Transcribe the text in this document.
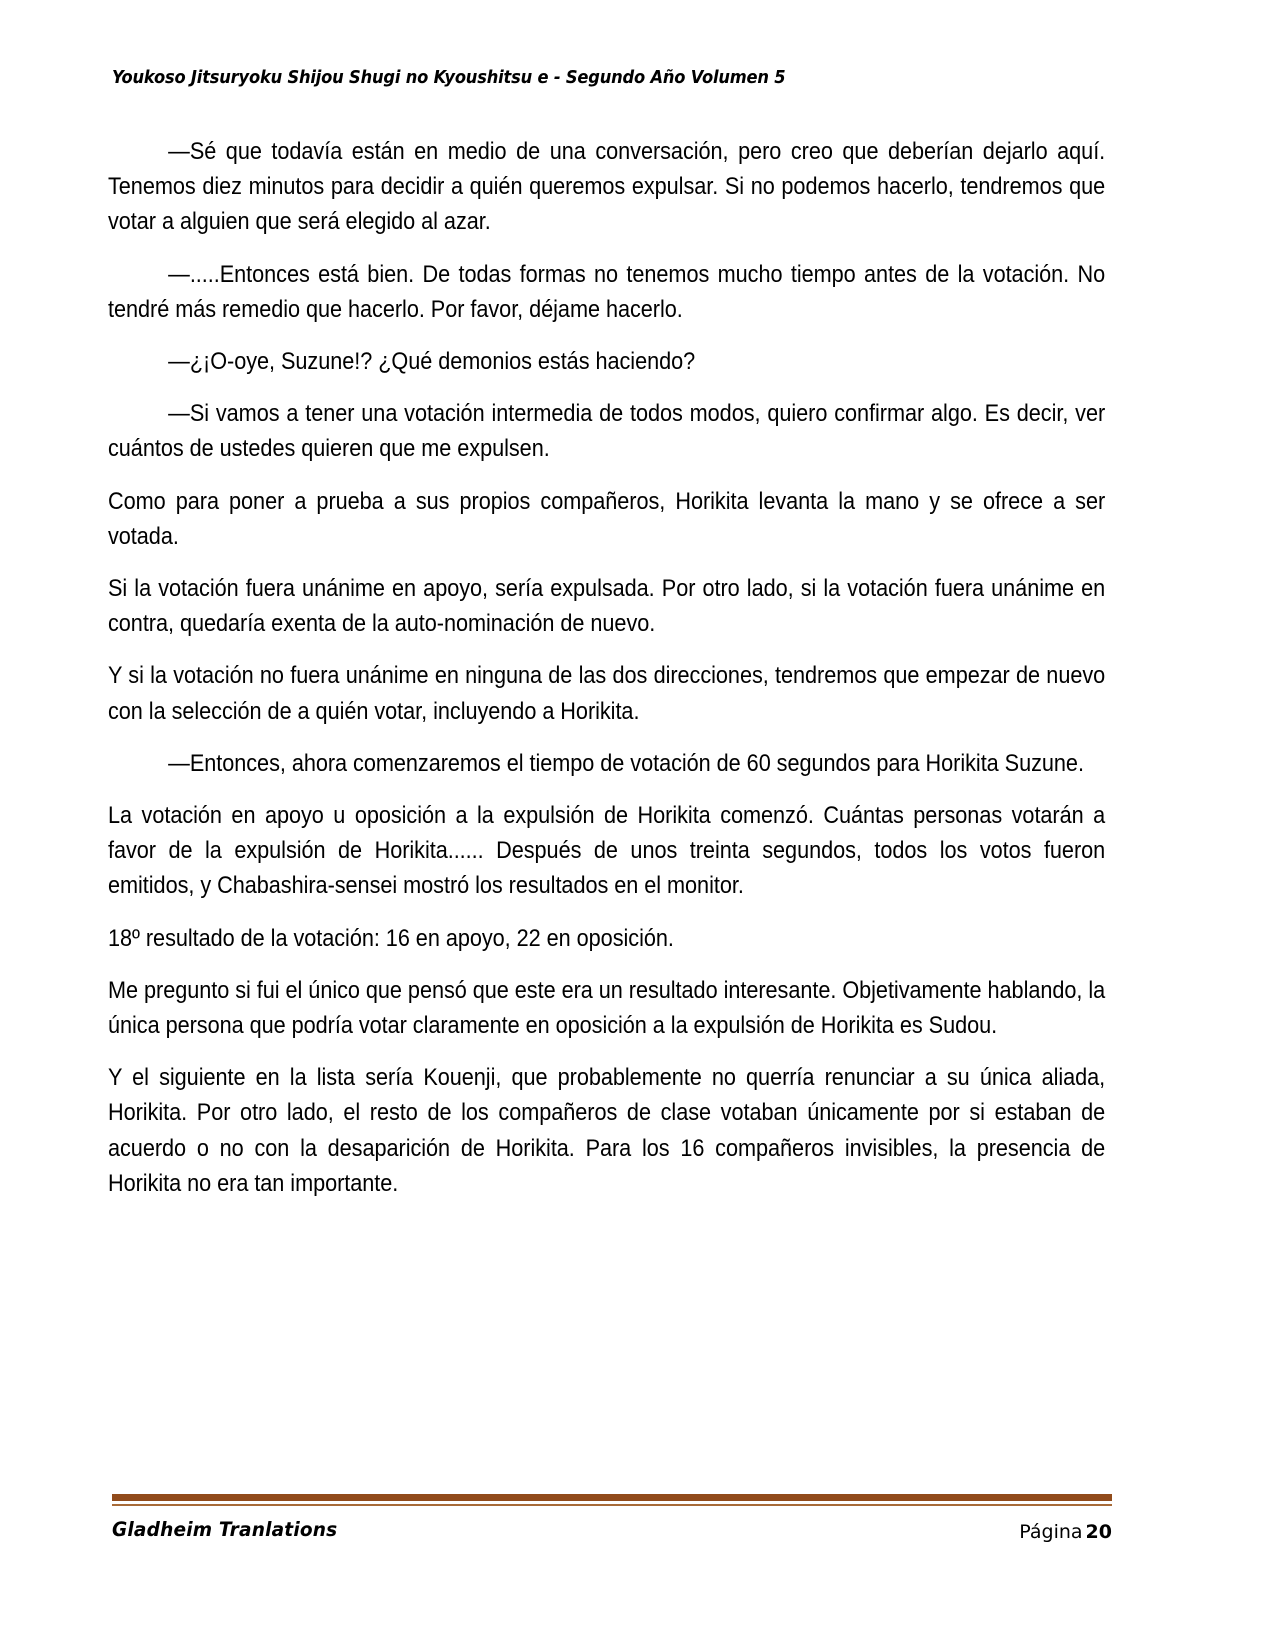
Youkoso Jitsuryoku Shijou Shugi no Kyoushitsu e - Segundo Año Volumen 5

—Sé que todavía están en medio de una conversación, pero creo que deberían dejarlo aquí. Tenemos diez minutos para decidir a quién queremos expulsar. Si no podemos hacerlo, tendremos que votar a alguien que será elegido al azar.

—.....Entonces está bien. De todas formas no tenemos mucho tiempo antes de la votación. No tendré más remedio que hacerlo. Por favor, déjame hacerlo.

—¿¡O-oye, Suzune!? ¿Qué demonios estás haciendo?

—Si vamos a tener una votación intermedia de todos modos, quiero confirmar algo. Es decir, ver cuántos de ustedes quieren que me expulsen.

Como para poner a prueba a sus propios compañeros, Horikita levanta la mano y se ofrece a ser votada.

Si la votación fuera unánime en apoyo, sería expulsada. Por otro lado, si la votación fuera unánime en contra, quedaría exenta de la auto-nominación de nuevo.

Y si la votación no fuera unánime en ninguna de las dos direcciones, tendremos que empezar de nuevo con la selección de a quién votar, incluyendo a Horikita.

—Entonces, ahora comenzaremos el tiempo de votación de 60 segundos para Horikita Suzune.

La votación en apoyo u oposición a la expulsión de Horikita comenzó. Cuántas personas votarán a favor de la expulsión de Horikita...... Después de unos treinta segundos, todos los votos fueron emitidos, y Chabashira-sensei mostró los resultados en el monitor.

18º resultado de la votación: 16 en apoyo, 22 en oposición.

Me pregunto si fui el único que pensó que este era un resultado interesante. Objetivamente hablando, la única persona que podría votar claramente en oposición a la expulsión de Horikita es Sudou.

Y el siguiente en la lista sería Kouenji, que probablemente no querría renunciar a su única aliada, Horikita. Por otro lado, el resto de los compañeros de clase votaban únicamente por si estaban de acuerdo o no con la desaparición de Horikita. Para los 16 compañeros invisibles, la presencia de Horikita no era tan importante.

Gladheim Tranlations	Página 20
